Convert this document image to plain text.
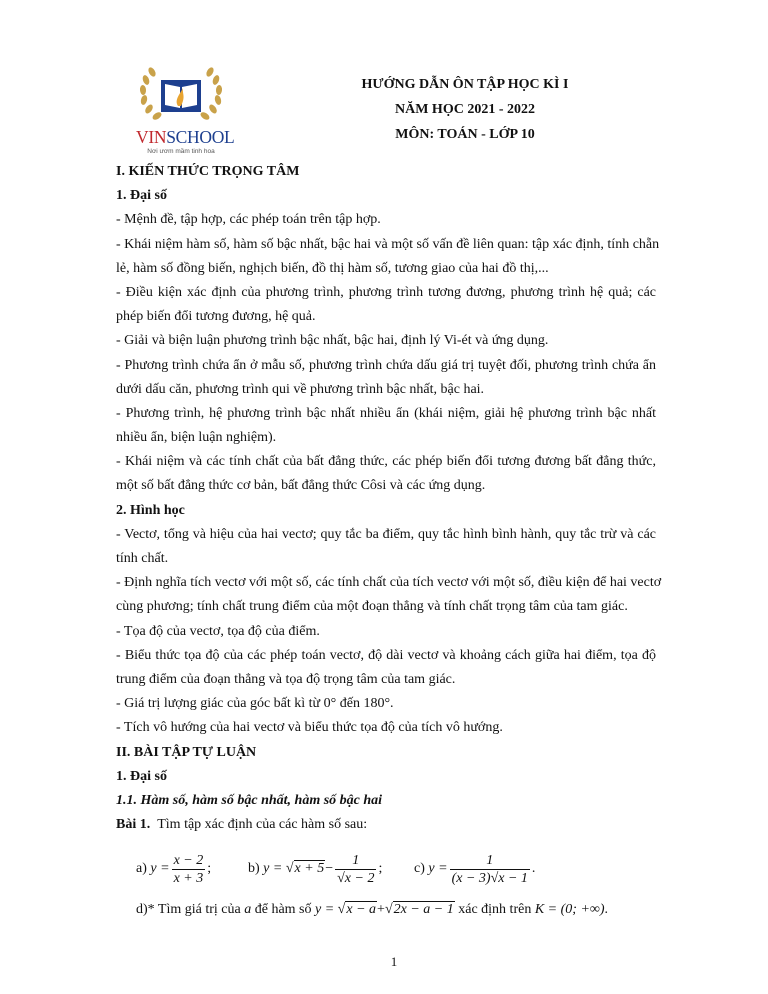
VINSCHOOL
Nơi ươm mầm tinh hoa
HƯỚNG DẪN ÔN TẬP HỌC KÌ I
NĂM HỌC 2021 - 2022
MÔN: TOÁN - LỚP 10
I. KIẾN THỨC TRỌNG TÂM
1. Đại số
- Mệnh đề, tập hợp, các phép toán trên tập hợp.
- Khái niệm hàm số, hàm số bậc nhất, bậc hai và một số vấn đề liên quan: tập xác định, tính chẵn
lẻ, hàm số đồng biến, nghịch biến, đồ thị hàm số, tương giao của hai đồ thị,...
- Điều kiện xác định của phương trình, phương trình tương đương, phương trình hệ quả; các
phép biến đổi tương đương, hệ quả.
- Giải và biện luận phương trình bậc nhất, bậc hai, định lý Vi-ét và ứng dụng.
- Phương trình chứa ẩn ở mẫu số, phương trình chứa dấu giá trị tuyệt đối, phương trình chứa ẩn
dưới dấu căn, phương trình qui về phương trình bậc nhất, bậc hai.
- Phương trình, hệ phương trình bậc nhất nhiều ẩn (khái niệm, giải hệ phương trình bậc nhất
nhiều ẩn, biện luận nghiệm).
- Khái niệm và các tính chất của bất đẳng thức, các phép biến đổi tương đương bất đẳng thức,
một số bất đẳng thức cơ bản, bất đẳng thức Côsi và các ứng dụng.
2. Hình học
- Vectơ, tổng và hiệu của hai vectơ; quy tắc ba điểm, quy tắc hình bình hành, quy tắc trừ và các
tính chất.
- Định nghĩa tích vectơ với một số, các tính chất của tích vectơ với một số, điều kiện để hai vectơ
cùng phương; tính chất trung điểm của một đoạn thẳng và tính chất trọng tâm của tam giác.
- Tọa độ của vectơ, tọa độ của điểm.
- Biểu thức tọa độ của các phép toán vectơ, độ dài vectơ và khoảng cách giữa hai điểm, tọa độ
trung điểm của đoạn thẳng và tọa độ trọng tâm của tam giác.
- Giá trị lượng giác của góc bất kì từ 0° đến 180°.
- Tích vô hướng của hai vectơ và biểu thức tọa độ của tích vô hướng.
II. BÀI TẬP TỰ LUẬN
1. Đại số
1.1. Hàm số, hàm số bậc nhất, hàm số bậc hai
Bài 1. Tìm tập xác định của các hàm số sau:
a)
$y = \frac{x - 2}{x + 3}$ ;	b)
y =
$√x + 5 - \frac{1}{√x - 2}$ ; c)
$y = \frac{1}{(x - 3)√x - 1}$ .
d)* Tìm giá trị của a để hàm số y = √x − a+√2x − a − 1 xác định trên K = (0; +∞).
1
